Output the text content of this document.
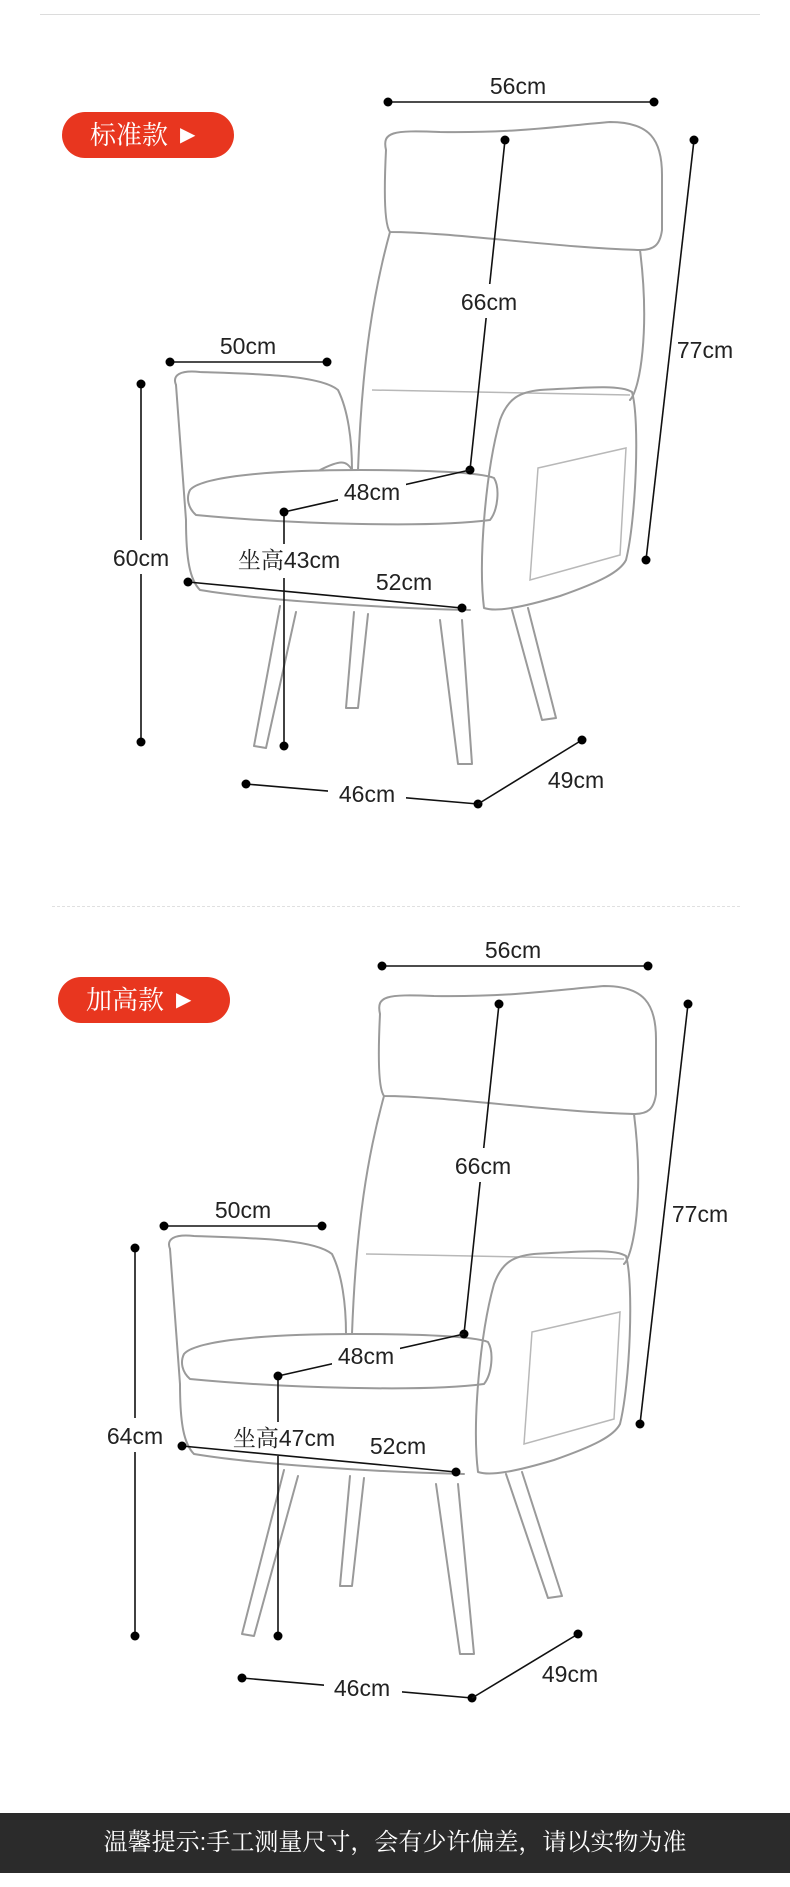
标准款 ▶
56cm
66cm
77cm
50cm
60cm
48cm
坐高43cm
52cm
46cm
49cm
加高款 ▶
56cm
66cm
77cm
50cm
64cm
48cm
坐高47cm 52cm
46cm
49cm
温馨提示:手工测量尺寸，会有少许偏差，请以实物为准
